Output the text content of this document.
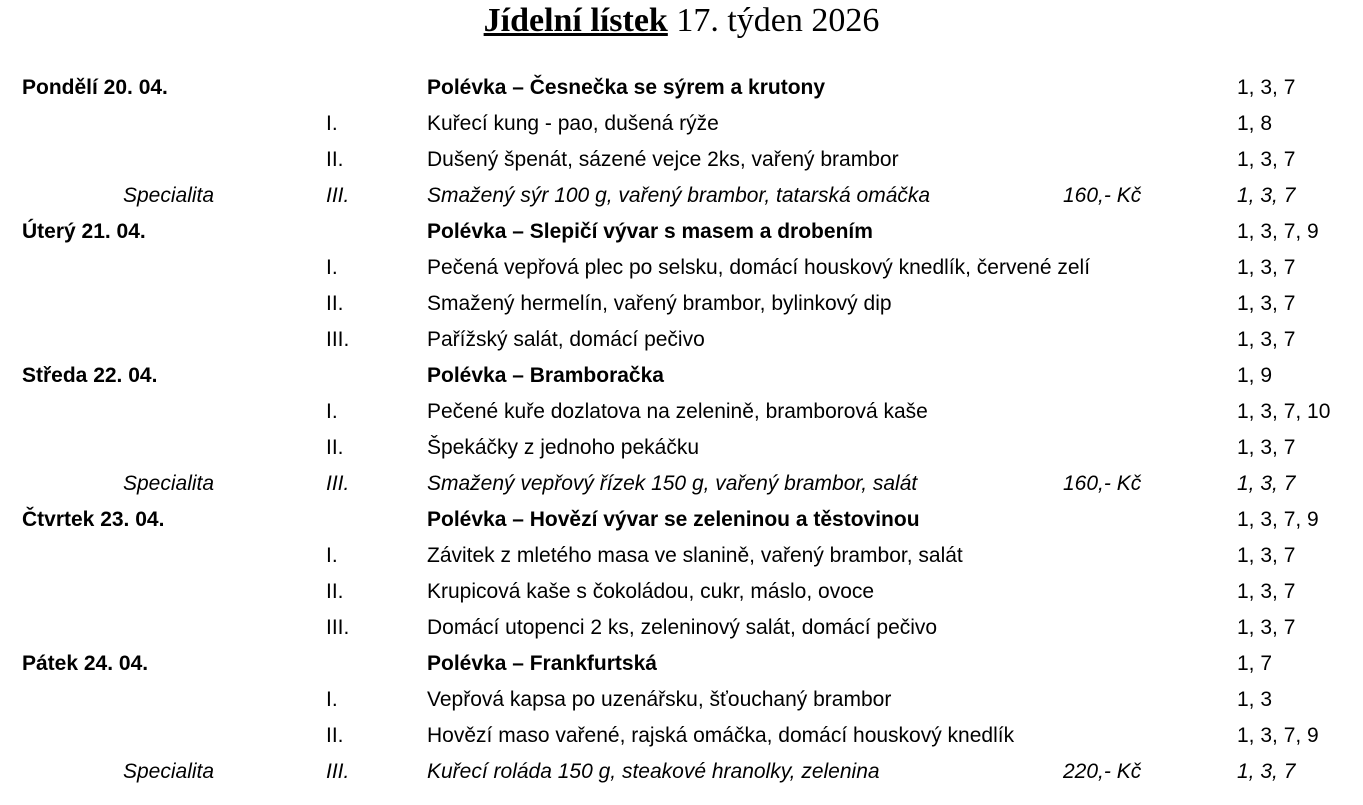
Jídelní lístek 17. týden 2026
Pondělí 20. 04.	Polévka – Česnečka se sýrem a krutony	1, 3, 7
I.	Kuřecí kung - pao, dušená rýže	1, 8
II.	Dušený špenát, sázené vejce 2ks, vařený brambor	1, 3, 7
Specialita	III.	Smažený sýr 100 g, vařený brambor, tatarská omáčka	160,- Kč	1, 3, 7
Úterý 21. 04.	Polévka – Slepičí vývar s masem a drobením	1, 3, 7, 9
I.	Pečená vepřová plec po selsku, domácí houskový knedlík, červené zelí	1, 3, 7
II.	Smažený hermelín, vařený brambor, bylinkový dip	1, 3, 7
III.	Pařížský salát, domácí pečivo	1, 3, 7
Středa 22. 04.	Polévka – Bramboračka	1, 9
I.	Pečené kuře dozlatova na zelenině, bramborová kaše	1, 3, 7, 10
II.	Špekáčky z jednoho pekáčku	1, 3, 7
Specialita	III.	Smažený vepřový řízek 150 g, vařený brambor, salát	160,- Kč	1, 3, 7
Čtvrtek 23. 04.	Polévka – Hovězí vývar se zeleninou a těstovinou	1, 3, 7, 9
I.	Závitek z mletého masa ve slanině, vařený brambor, salát	1, 3, 7
II.	Krupicová kaše s čokoládou, cukr, máslo, ovoce	1, 3, 7
III.	Domácí utopenci 2 ks, zeleninový salát, domácí pečivo	1, 3, 7
Pátek 24. 04.	Polévka – Frankfurtská	1, 7
I.	Vepřová kapsa po uzenářsku, šťouchaný brambor	1, 3
II.	Hovězí maso vařené, rajská omáčka, domácí houskový knedlík	1, 3, 7, 9
Specialita	III.	Kuřecí roláda 150 g, steakové hranolky, zelenina	220,- Kč	1, 3, 7
